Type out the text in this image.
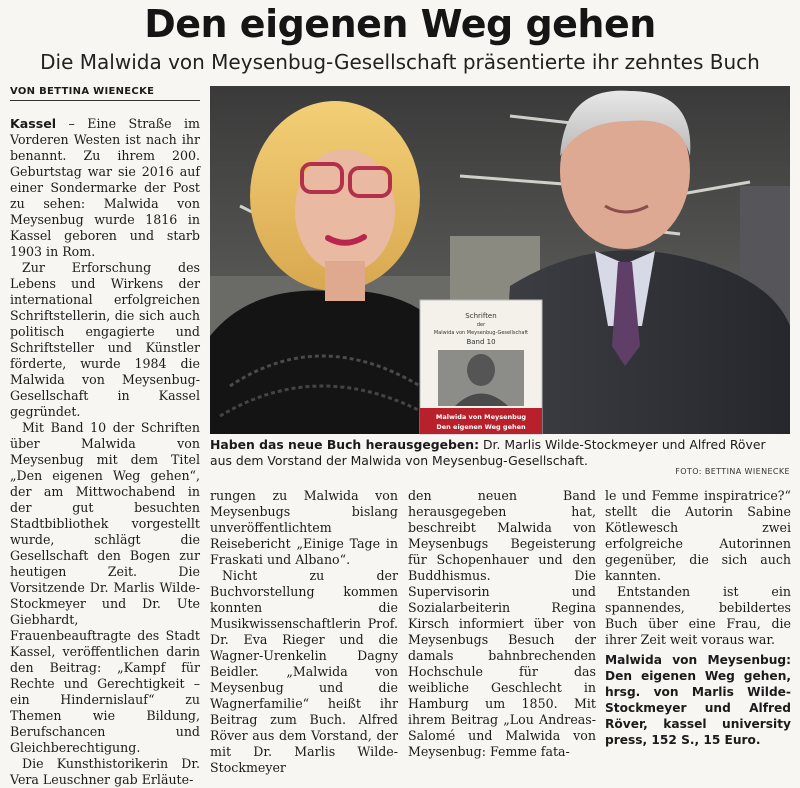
Den eigenen Weg gehen
Die Malwida von Meysenbug-Gesellschaft präsentierte ihr zehntes Buch
VON BETTINA WIENECKE

Kassel – Eine Straße im Vorderen Westen ist nach ihr benannt. Zu ihrem 200. Geburtstag war sie 2016 auf einer Sondermarke der Post zu sehen: Malwida von Meysenbug wurde 1816 in Kassel geboren und starb 1903 in Rom.

Zur Erforschung des Lebens und Wirkens der international erfolgreichen Schriftstellerin, die sich auch politisch engagierte und Schriftsteller und Künstler förderte, wurde 1984 die Malwida von Meysenbug-Gesellschaft in Kassel gegründet.

Mit Band 10 der Schriften über Malwida von Meysenbug mit dem Titel „Den eigenen Weg gehen“, der am Mittwochabend in der gut besuchten Stadtbibliothek vorgestellt wurde, schlägt die Gesellschaft den Bogen zur heutigen Zeit. Die Vorsitzende Dr. Marlis Wilde-Stockmeyer und Dr. Ute Giebhardt, Frauenbeauftragte des Stadt Kassel, veröffentlichen darin den Beitrag: „Kampf für Rechte und Gerechtigkeit – ein Hindernislauf“ zu Themen wie Bildung, Berufschancen und Gleichberechtigung.

Die Kunsthistorikerin Dr. Vera Leuschner gab Erläute-

Schriften
der
Malwida von Meysenbug-Gesellschaft
Band 10
Malwida von Meysenbug
Den eigenen Weg gehen
Haben das neue Buch herausgegeben: Dr. Marlis Wilde-Stockmeyer und Alfred Röver aus dem Vorstand der Malwida von Meysenbug-Gesellschaft.
FOTO: BETTINA WIENECKE

rungen zu Malwida von Meysenbugs bislang unveröffentlichtem Reisebericht „Einige Tage in Fraskati und Albano“.

Nicht zu der Buchvorstellung kommen konnten die Musikwissenschaftlerin Prof. Dr. Eva Rieger und die Wagner-Urenkelin Dagny Beidler. „Malwida von Meysenbug und die Wagnerfamilie“ heißt ihr Beitrag zum Buch. Alfred Röver aus dem Vorstand, der mit Dr. Marlis Wilde-Stockmeyer

den neuen Band herausgegeben hat, beschreibt Malwida von Meysenbugs Begeisterung für Schopenhauer und den Buddhismus. Die Supervisorin und Sozialarbeiterin Regina Kirsch informiert über von Meysenbugs Besuch der damals bahnbrechenden Hochschule für das weibliche Geschlecht in Hamburg um 1850. Mit ihrem Beitrag „Lou Andreas-Salomé und Malwida von Meysenbug: Femme fata-

le und Femme inspiratrice?“ stellt die Autorin Sabine Kötlewesch zwei erfolgreiche Autorinnen gegenüber, die sich auch kannten.

Entstanden ist ein spannendes, bebildertes Buch über eine Frau, die ihrer Zeit weit voraus war.

Malwida von Meysenbug: Den eigenen Weg gehen, hrsg. von Marlis Wilde-Stockmeyer und Alfred Röver, kassel university press, 152 S., 15 Euro.
